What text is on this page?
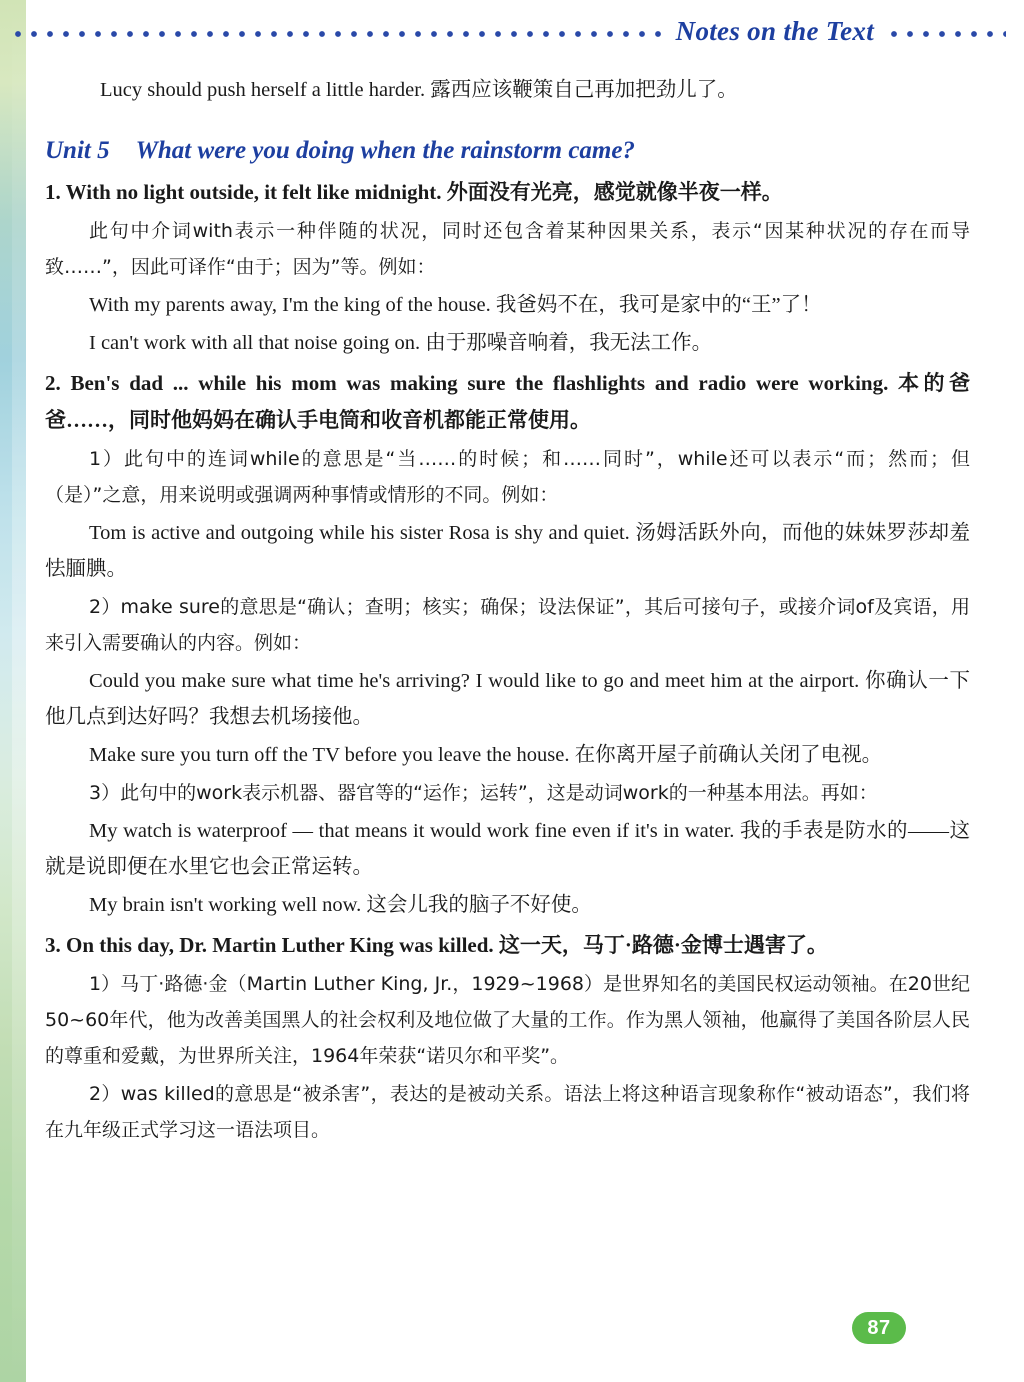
Notes on the Text

Lucy should push herself a little harder. 露西应该鞭策自己再加把劲儿了。

Unit 5 What were you doing when the rainstorm came?

1. With no light outside, it felt like midnight. 外面没有光亮，感觉就像半夜一样。

此句中介词with表示一种伴随的状况，同时还包含着某种因果关系，表示“因某种状况的存在而导致……”，因此可译作“由于；因为”等。例如：

With my parents away, I'm the king of the house. 我爸妈不在，我可是家中的“王”了！

I can't work with all that noise going on. 由于那噪音响着，我无法工作。

2. Ben's dad ... while his mom was making sure the flashlights and radio were working. 本的爸爸……，同时他妈妈在确认手电筒和收音机都能正常使用。

1）此句中的连词while的意思是“当……的时候；和……同时”，while还可以表示“而；然而；但（是）”之意，用来说明或强调两种事情或情形的不同。例如：

Tom is active and outgoing while his sister Rosa is shy and quiet. 汤姆活跃外向，而他的妹妹罗莎却羞怯腼腆。

2）make sure的意思是“确认；查明；核实；确保；设法保证”，其后可接句子，或接介词of及宾语，用来引入需要确认的内容。例如：

Could you make sure what time he's arriving? I would like to go and meet him at the airport. 你确认一下他几点到达好吗？我想去机场接他。

Make sure you turn off the TV before you leave the house. 在你离开屋子前确认关闭了电视。

3）此句中的work表示机器、器官等的“运作；运转”，这是动词work的一种基本用法。再如：

My watch is waterproof — that means it would work fine even if it's in water. 我的手表是防水的——这就是说即便在水里它也会正常运转。

My brain isn't working well now. 这会儿我的脑子不好使。

3. On this day, Dr. Martin Luther King was killed. 这一天，马丁·路德·金博士遇害了。

1）马丁·路德·金（Martin Luther King, Jr.，1929~1968）是世界知名的美国民权运动领袖。在20世纪50~60年代，他为改善美国黑人的社会权利及地位做了大量的工作。作为黑人领袖，他赢得了美国各阶层人民的尊重和爱戴，为世界所关注，1964年荣获“诺贝尔和平奖”。

2）was killed的意思是“被杀害”，表达的是被动关系。语法上将这种语言现象称作“被动语态”，我们将在九年级正式学习这一语法项目。

87
